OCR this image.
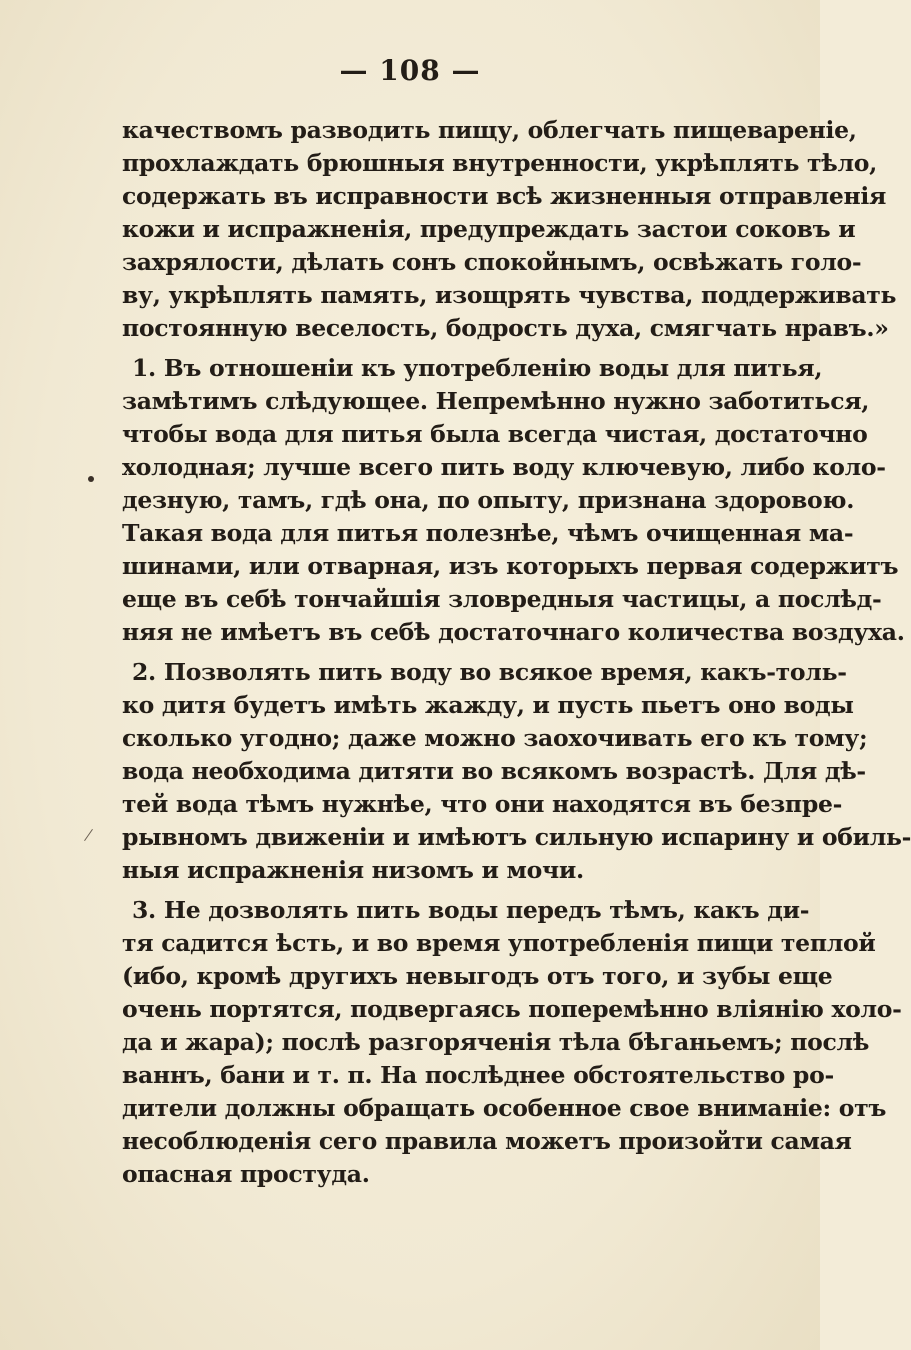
— 108 —
качествомъ разводить пищу, облегчать пищевареніе,
прохлаждать брюшныя внутренности, укрѣплять тѣло,
содержать въ исправности всѣ жизненныя отправленія
кожи и испражненія, предупреждать застои соковъ и
захрялости, дѣлать сонъ спокойнымъ, освѣжать голо-
ву, укрѣплять память, изощрять чувства, поддерживать
постоянную веселость, бодрость духа, смягчать нравъ.»
1. Въ отношеніи къ употребленію воды для питья,
замѣтимъ слѣдующее. Непремѣнно нужно заботиться,
чтобы вода для питья была всегда чистая, достаточно
холодная; лучше всего пить воду ключевую, либо коло-
дезную, тамъ, гдѣ она, по опыту, признана здоровою.
Такая вода для питья полезнѣе, чѣмъ очищенная ма-
шинами, или отварная, изъ которыхъ первая содержитъ
еще въ себѣ тончайшія зловредныя частицы, а послѣд-
няя не имѣетъ въ себѣ достаточнаго количества воздуха.
2. Позволять пить воду во всякое время, какъ-толь-
ко дитя будетъ имѣть жажду, и пусть пьетъ оно воды
сколько угодно; даже можно заохочивать его къ тому;
вода необходима дитяти во всякомъ возрастѣ. Для дѣ-
тей вода тѣмъ нужнѣе, что они находятся въ безпре-
рывномъ движеніи и имѣютъ сильную испарину и обиль-
ныя испражненія низомъ и мочи.
3. Не дозволять пить воды передъ тѣмъ, какъ ди-
тя садится ѣсть, и во время употребленія пищи теплой
(ибо, кромѣ другихъ невыгодъ отъ того, и зубы еще
очень портятся, подвергаясь поперемѣнно вліянію холо-
да и жара); послѣ разгоряченія тѣла бѣганьемъ; послѣ
ваннъ, бани и т. п. На послѣднее обстоятельство ро-
дители должны обращать особенное свое вниманіе: отъ
несоблюденія сего правила можетъ произойти самая
опасная простуда.
